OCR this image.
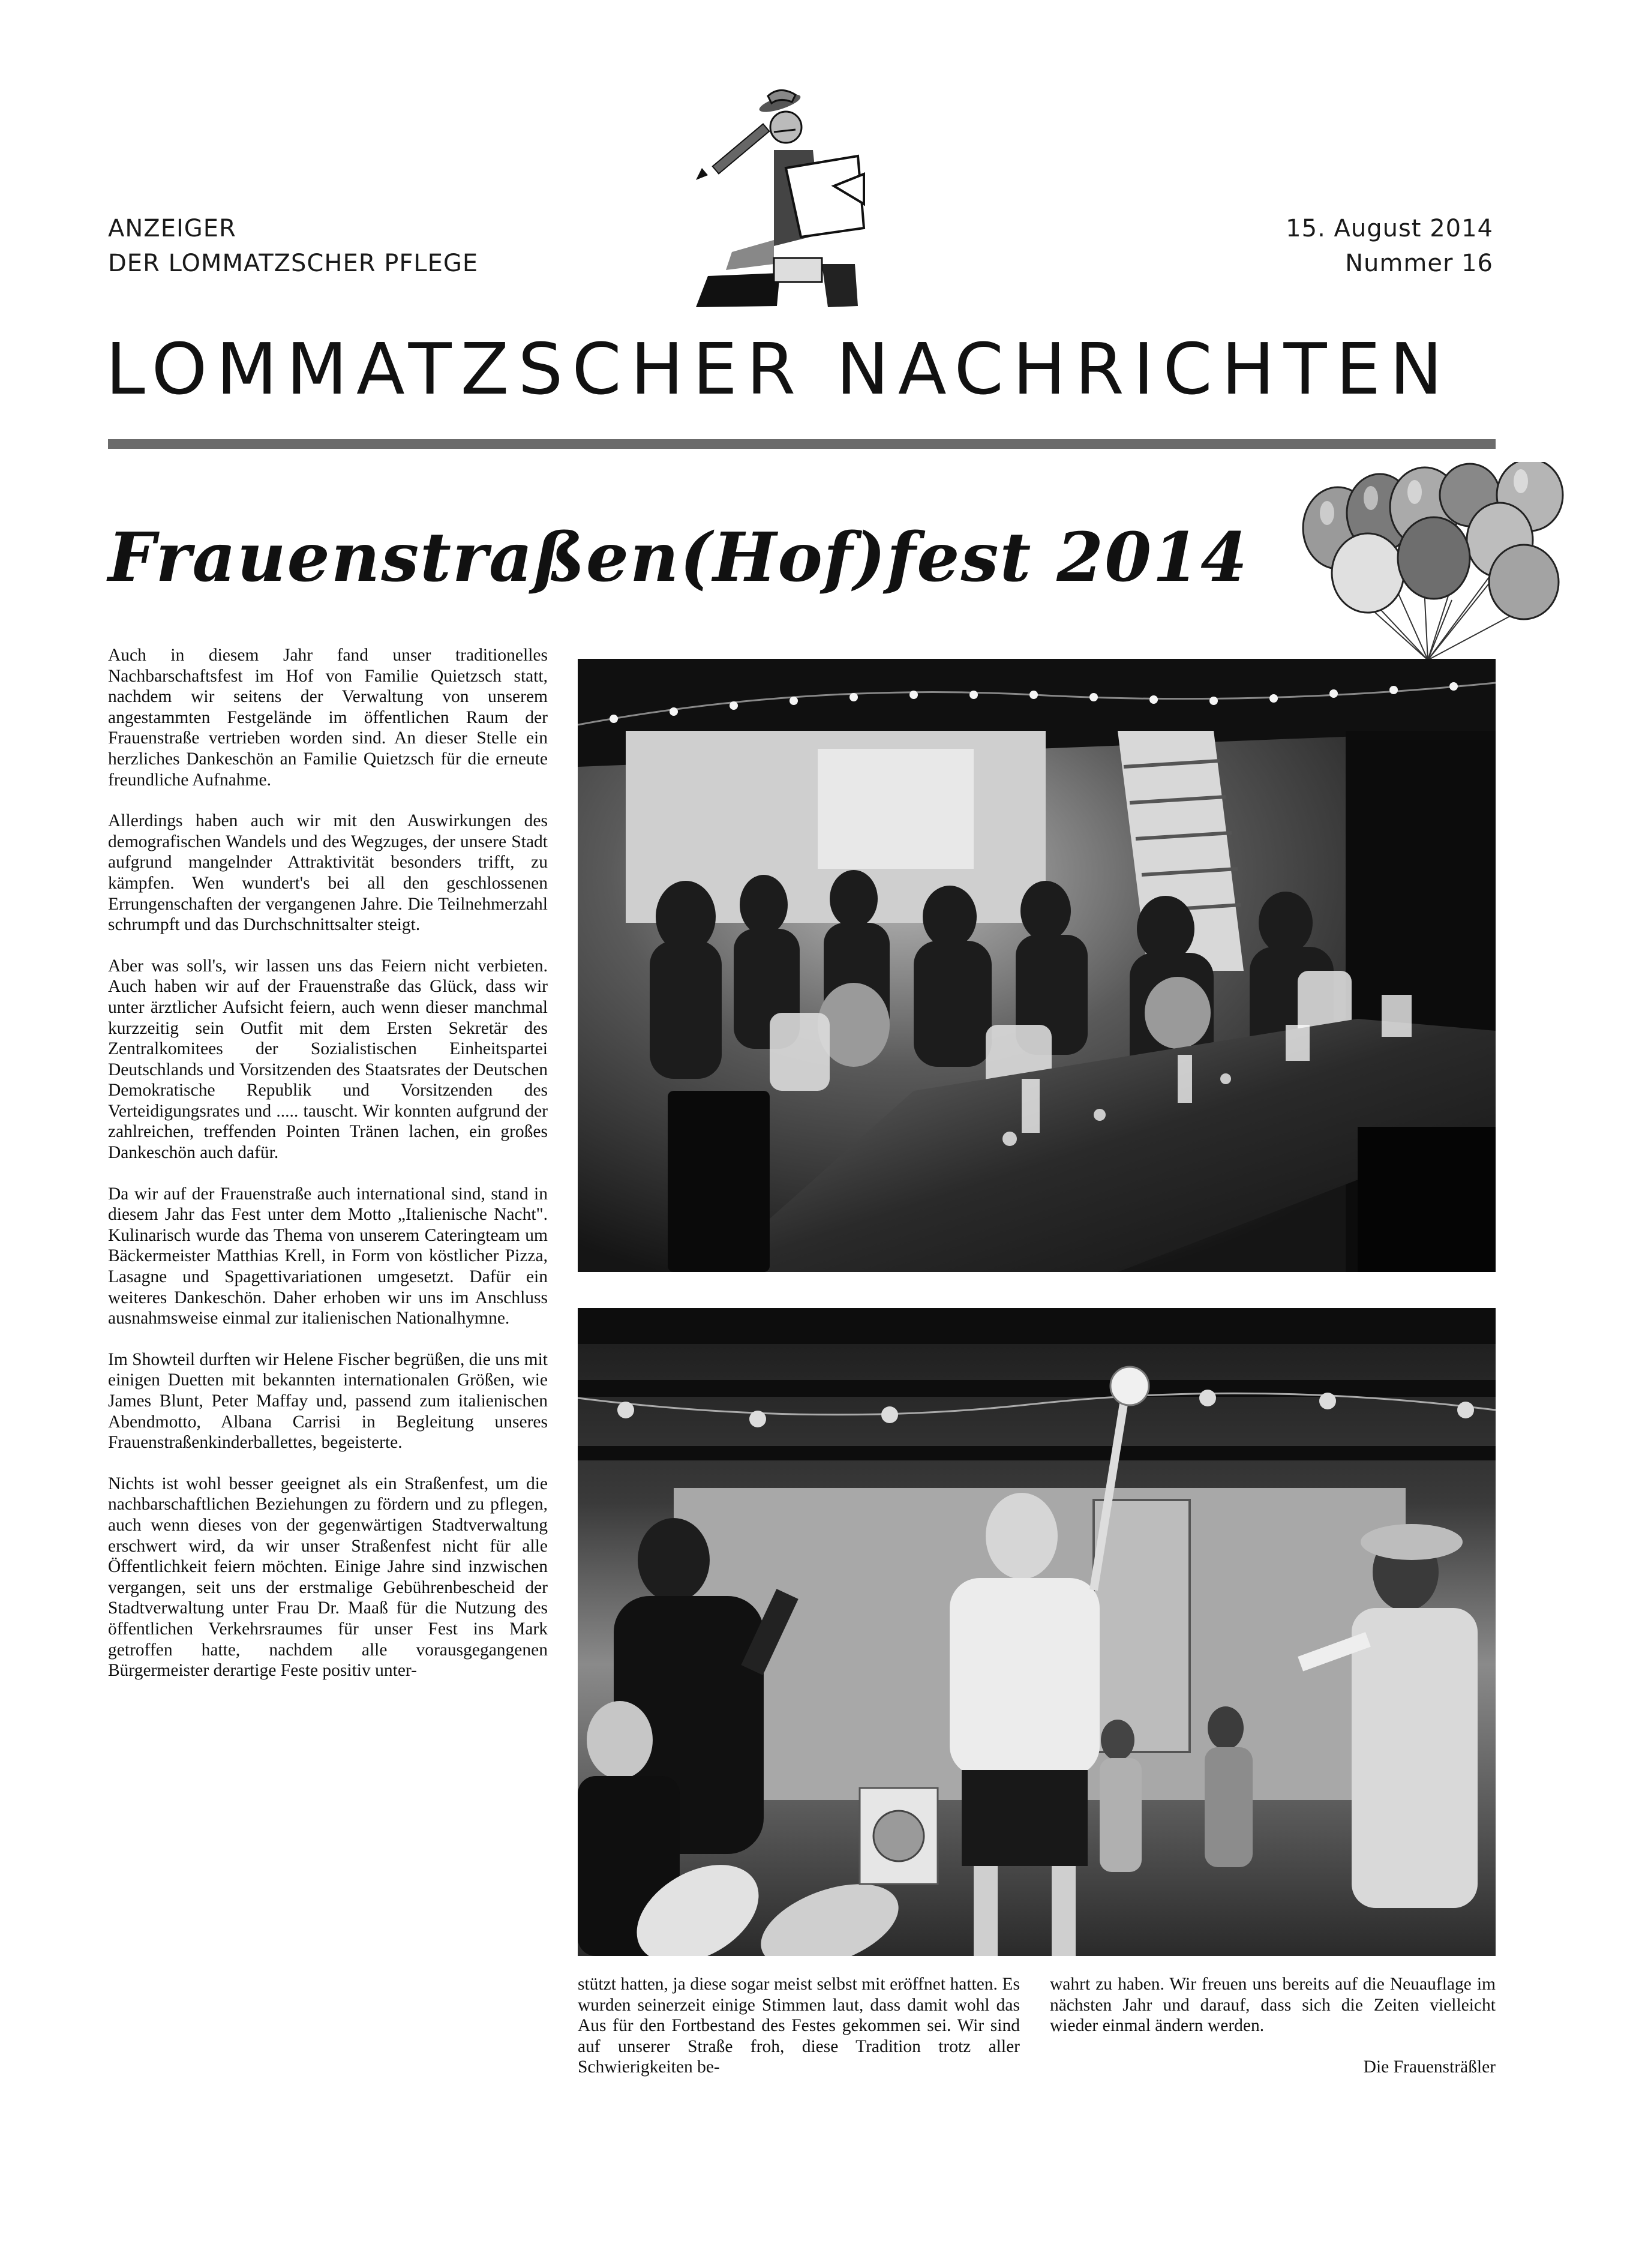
ANZEIGER
DER LOMMATZSCHER PFLEGE
15. August 2014
Nummer 16
LOMMATZSCHER NACHRICHTEN
Frauenstraßen(Hof)fest 2014

Auch in diesem Jahr fand unser traditionelles Nachbarschaftsfest im Hof von Familie Quietzsch statt, nachdem wir seitens der Verwaltung von unserem angestammten Festgelände im öffentlichen Raum der Frauenstraße vertrieben worden sind. An dieser Stelle ein herzliches Dankeschön an Familie Quietzsch für die erneute freundliche Aufnahme.

Allerdings haben auch wir mit den Auswirkungen des demografischen Wandels und des Wegzuges, der unsere Stadt aufgrund mangelnder Attraktivität besonders trifft, zu kämpfen. Wen wundert's bei all den geschlossenen Errungenschaften der vergangenen Jahre. Die Teilnehmerzahl schrumpft und das Durchschnittsalter steigt.

Aber was soll's, wir lassen uns das Feiern nicht verbieten. Auch haben wir auf der Frauenstraße das Glück, dass wir unter ärztlicher Aufsicht feiern, auch wenn dieser manchmal kurzzeitig sein Outfit mit dem Ersten Sekretär des Zentralkomitees der Sozialistischen Einheitspartei Deutschlands und Vorsitzenden des Staatsrates der Deutschen Demokratische Republik und Vorsitzenden des Verteidigungsrates und ..... tauscht. Wir konnten aufgrund der zahlreichen, treffenden Pointen Tränen lachen, ein großes Dankeschön auch dafür.

Da wir auf der Frauenstraße auch international sind, stand in diesem Jahr das Fest unter dem Motto „Italienische Nacht". Kulinarisch wurde das Thema von unserem Cateringteam um Bäckermeister Matthias Krell, in Form von köstlicher Pizza, Lasagne und Spagettivariationen umgesetzt. Dafür ein weiteres Dankeschön. Daher erhoben wir uns im Anschluss ausnahmsweise einmal zur italienischen Nationalhymne.

Im Showteil durften wir Helene Fischer begrüßen, die uns mit einigen Duetten mit bekannten internationalen Größen, wie James Blunt, Peter Maffay und, passend zum italienischen Abendmotto, Albana Carrisi in Begleitung unseres Frauenstraßenkinderballettes, begeisterte.

Nichts ist wohl besser geeignet als ein Straßenfest, um die nachbarschaftlichen Beziehungen zu fördern und zu pflegen, auch wenn dieses von der gegenwärtigen Stadtverwaltung erschwert wird, da wir unser Straßenfest nicht für alle Öffentlichkeit feiern möchten. Einige Jahre sind inzwischen vergangen, seit uns der erstmalige Gebührenbescheid der Stadtverwaltung unter Frau Dr. Maaß für die Nutzung des öffentlichen Verkehrsraumes für unser Fest ins Mark getroffen hatte, nachdem alle vorausgegangenen Bürgermeister derartige Feste positiv unter-

stützt hatten, ja diese sogar meist selbst mit eröffnet hatten. Es wurden seinerzeit einige Stimmen laut, dass damit wohl das Aus für den Fortbestand des Festes gekommen sei. Wir sind auf unserer Straße froh, diese Tradition trotz aller Schwierigkeiten be-

wahrt zu haben. Wir freuen uns bereits auf die Neuauflage im nächsten Jahr und darauf, dass sich die Zeiten vielleicht wieder einmal ändern werden.

Die Frauensträßler
